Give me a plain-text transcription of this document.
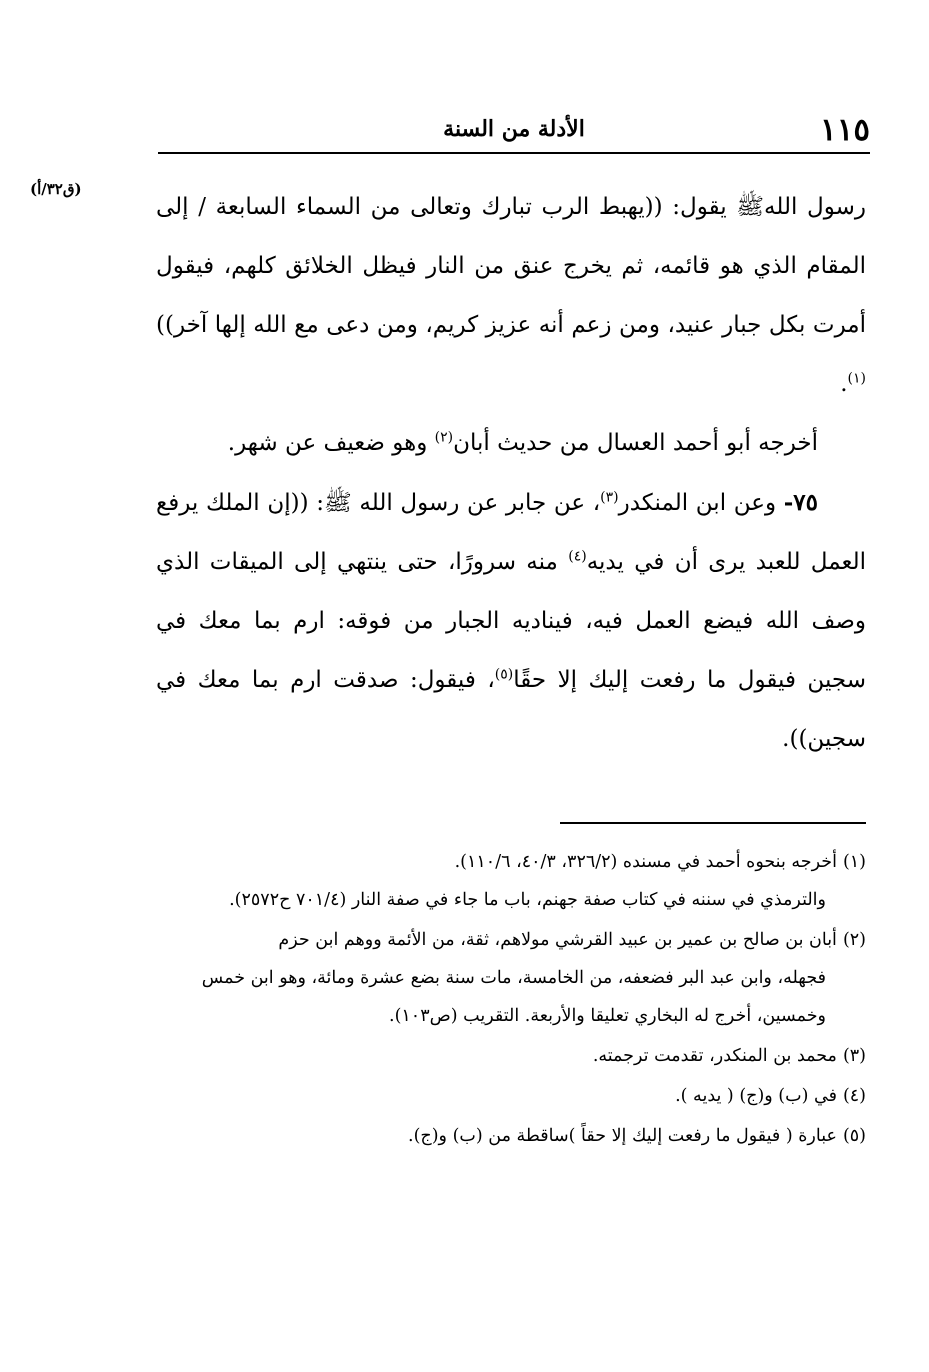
١١٥
الأدلة من السنة
(ق٣٢/أ)

رسول اللهﷺ يقول: ((يهبط الرب تبارك وتعالى من السماء السابعة / إلى المقام الذي هو قائمه، ثم يخرج عنق من النار فيظل الخلائق كلهم، فيقول أمرت بكل جبار عنيد، ومن زعم أنه عزيز كريم، ومن دعى مع الله إلها آخر))$^{(١)}$.

أخرجه أبو أحمد العسال من حديث أبان$^{(٢)}$ وهو ضعيف عن شهر.

٧٥- وعن ابن المنكدر$^{(٣)}$، عن جابر عن رسول الله ﷺ: ((إن الملك يرفع العمل للعبد يرى أن في يديه$^{(٤)}$ منه سرورًا، حتى ينتهي إلى الميقات الذي وصف الله فيضع العمل فيه، فيناديه الجبار من فوقه: ارم بما معك في سجين فيقول ما رفعت إليك إلا حقًا$^{(٥)}$، فيقول: صدقت ارم بما معك في سجين)).

(١)أخرجه بنحوه أحمد في مسنده (٣٢٦/٢، ٤٠/٣، ١١٠/٦).
والترمذي في سننه في كتاب صفة جهنم، باب ما جاء في صفة النار (٧٠١/٤ ح٢٥٧٢).
(٢)أبان بن صالح بن عمير بن عبيد القرشي مولاهم، ثقة، من الأئمة ووهم ابن حزم
فجهله، وابن عبد البر فضعفه، من الخامسة، مات سنة بضع عشرة ومائة، وهو ابن خمس وخمسين، أخرج له البخاري تعليقا والأربعة. التقريب (ص١٠٣).
(٣)محمد بن المنكدر، تقدمت ترجمته.
(٤)في (ب) و(ج) ( يديه ).
(٥)عبارة ( فيقول ما رفعت إليك إلا حقاً )ساقطة من (ب) و(ج).
